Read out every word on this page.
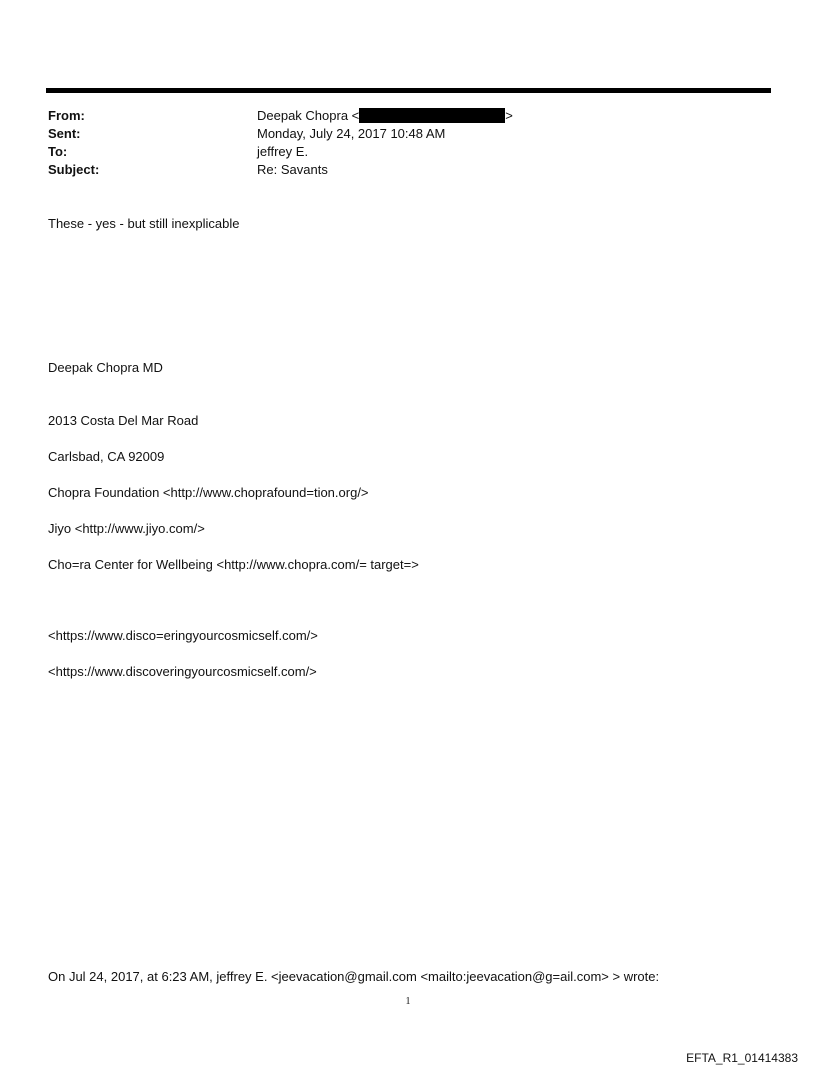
From:	Deepak Chopra <	>
Sent:	Monday, July 24, 2017 10:48 AM
To:	jeffrey E.
Subject:	Re: Savants
These - yes - but still inexplicable
Deepak Chopra MD
2013 Costa Del Mar Road
Carlsbad, CA 92009
Chopra Foundation <http://www.choprafound=tion.org/>
Jiyo <http://www.jiyo.com/>
Cho=ra Center for Wellbeing <http://www.chopra.com/= target=>
<https://www.disco=eringyourcosmicself.com/>
<https://www.discoveringyourcosmicself.com/>
On Jul 24, 2017, at 6:23 AM, jeffrey E. <jeevacation@gmail.com <mailto:jeevacation@g=ail.com> > wrote:
1
EFTA_R1_01414383
